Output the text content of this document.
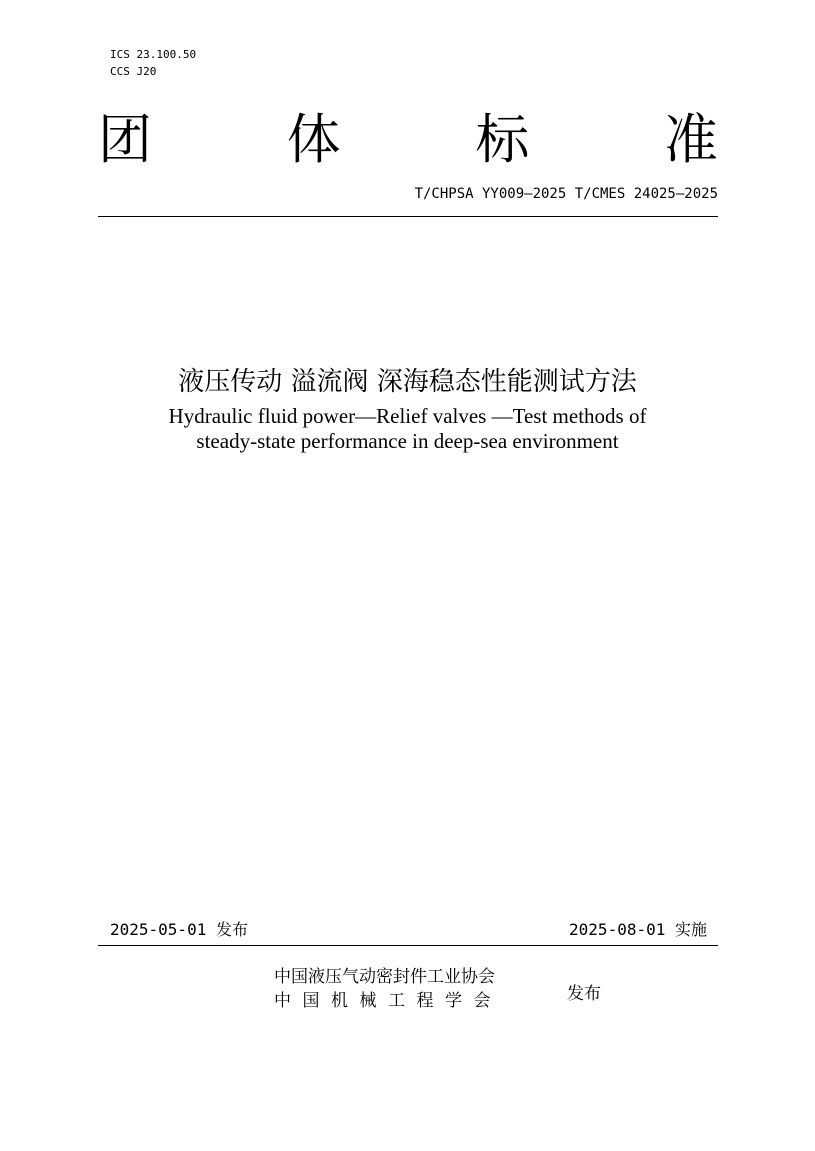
ICS 23.100.50
CCS J20
团 体 标 准
T/CHPSA YY009—2025 T/CMES 24025—2025
液压传动 溢流阀 深海稳态性能测试方法
Hydraulic fluid power—Relief valves —Test methods of
steady-state performance in deep-sea environment
2025-05-01 发布	2025-08-01 实施
中国液压气动密封件工业协会
中国机械工程学会	发布
